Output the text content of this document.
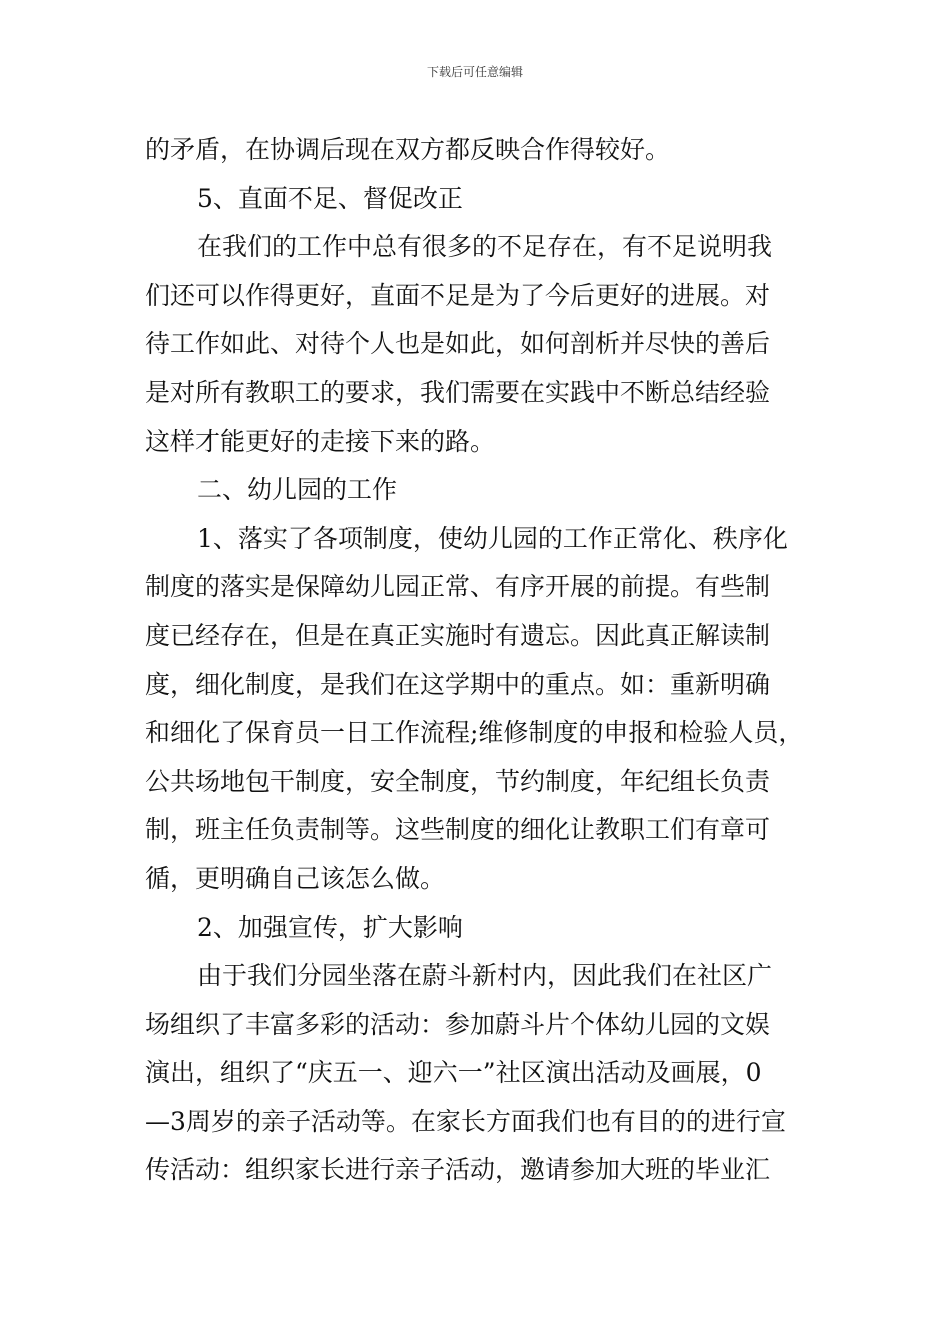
下载后可任意编辑
的矛盾，在协调后现在双方都反映合作得较好。
5、直面不足、督促改正
在我们的工作中总有很多的不足存在，有不足说明我
们还可以作得更好，直面不足是为了今后更好的进展。对
待工作如此、对待个人也是如此，如何剖析并尽快的善后
是对所有教职工的要求，我们需要在实践中不断总结经验
这样才能更好的走接下来的路。
二、幼儿园的工作
1、落实了各项制度，使幼儿园的工作正常化、秩序化
制度的落实是保障幼儿园正常、有序开展的前提。有些制
度已经存在，但是在真正实施时有遗忘。因此真正解读制
度，细化制度，是我们在这学期中的重点。如：重新明确
和细化了保育员一日工作流程;维修制度的申报和检验人员，
公共场地包干制度，安全制度，节约制度，年纪组长负责
制，班主任负责制等。这些制度的细化让教职工们有章可
循，更明确自己该怎么做。
2、加强宣传，扩大影响
由于我们分园坐落在蔚斗新村内，因此我们在社区广
场组织了丰富多彩的活动：参加蔚斗片个体幼儿园的文娱
演出，组织了“庆五一、迎六一”社区演出活动及画展，0
—3周岁的亲子活动等。在家长方面我们也有目的的进行宣
传活动：组织家长进行亲子活动，邀请参加大班的毕业汇
